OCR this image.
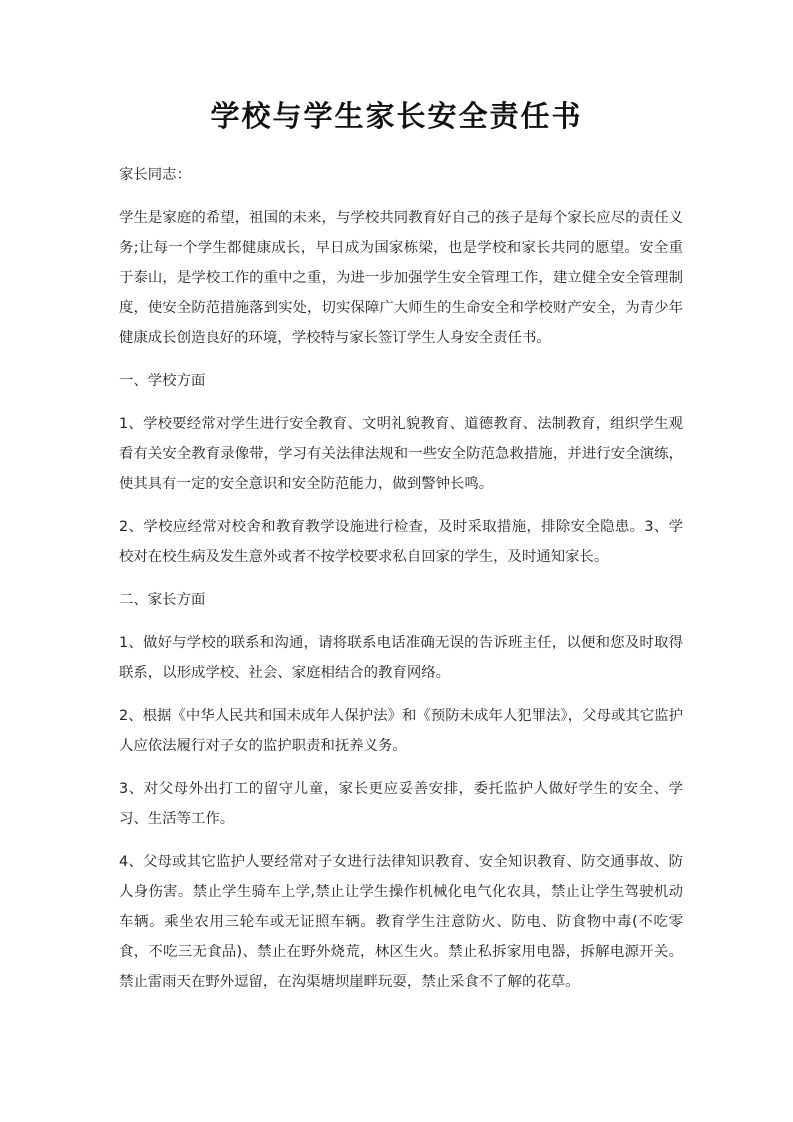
学校与学生家长安全责任书

家长同志：

学生是家庭的希望，祖国的未来，与学校共同教育好自己的孩子是每个家长应尽的责任义务;让每一个学生都健康成长，早日成为国家栋梁，也是学校和家长共同的愿望。安全重于泰山，是学校工作的重中之重，为进一步加强学生安全管理工作，建立健全安全管理制度，使安全防范措施落到实处，切实保障广大师生的生命安全和学校财产安全，为青少年健康成长创造良好的环境，学校特与家长签订学生人身安全责任书。

一、学校方面

1、学校要经常对学生进行安全教育、文明礼貌教育、道德教育、法制教育，组织学生观看有关安全教育录像带，学习有关法律法规和一些安全防范急救措施，并进行安全演练，使其具有一定的安全意识和安全防范能力，做到警钟长鸣。

2、学校应经常对校舍和教育教学设施进行检查，及时采取措施，排除安全隐患。3、学校对在校生病及发生意外或者不按学校要求私自回家的学生，及时通知家长。

二、家长方面

1、做好与学校的联系和沟通，请将联系电话准确无误的告诉班主任，以便和您及时取得联系，以形成学校、社会、家庭相结合的教育网络。

2、根据《中华人民共和国未成年人保护法》和《预防未成年人犯罪法》，父母或其它监护人应依法履行对子女的监护职责和抚养义务。

3、对父母外出打工的留守儿童，家长更应妥善安排，委托监护人做好学生的安全、学习、生活等工作。

4、父母或其它监护人要经常对子女进行法律知识教育、安全知识教育、防交通事故、防人身伤害。禁止学生骑车上学,禁止让学生操作机械化电气化农具，禁止让学生驾驶机动车辆。乘坐农用三轮车或无证照车辆。教育学生注意防火、防电、防食物中毒(不吃零食，不吃三无食品)、禁止在野外烧荒，林区生火。禁止私拆家用电器，拆解电源开关。禁止雷雨天在野外逗留，在沟渠塘坝崖畔玩耍，禁止采食不了解的花草。
